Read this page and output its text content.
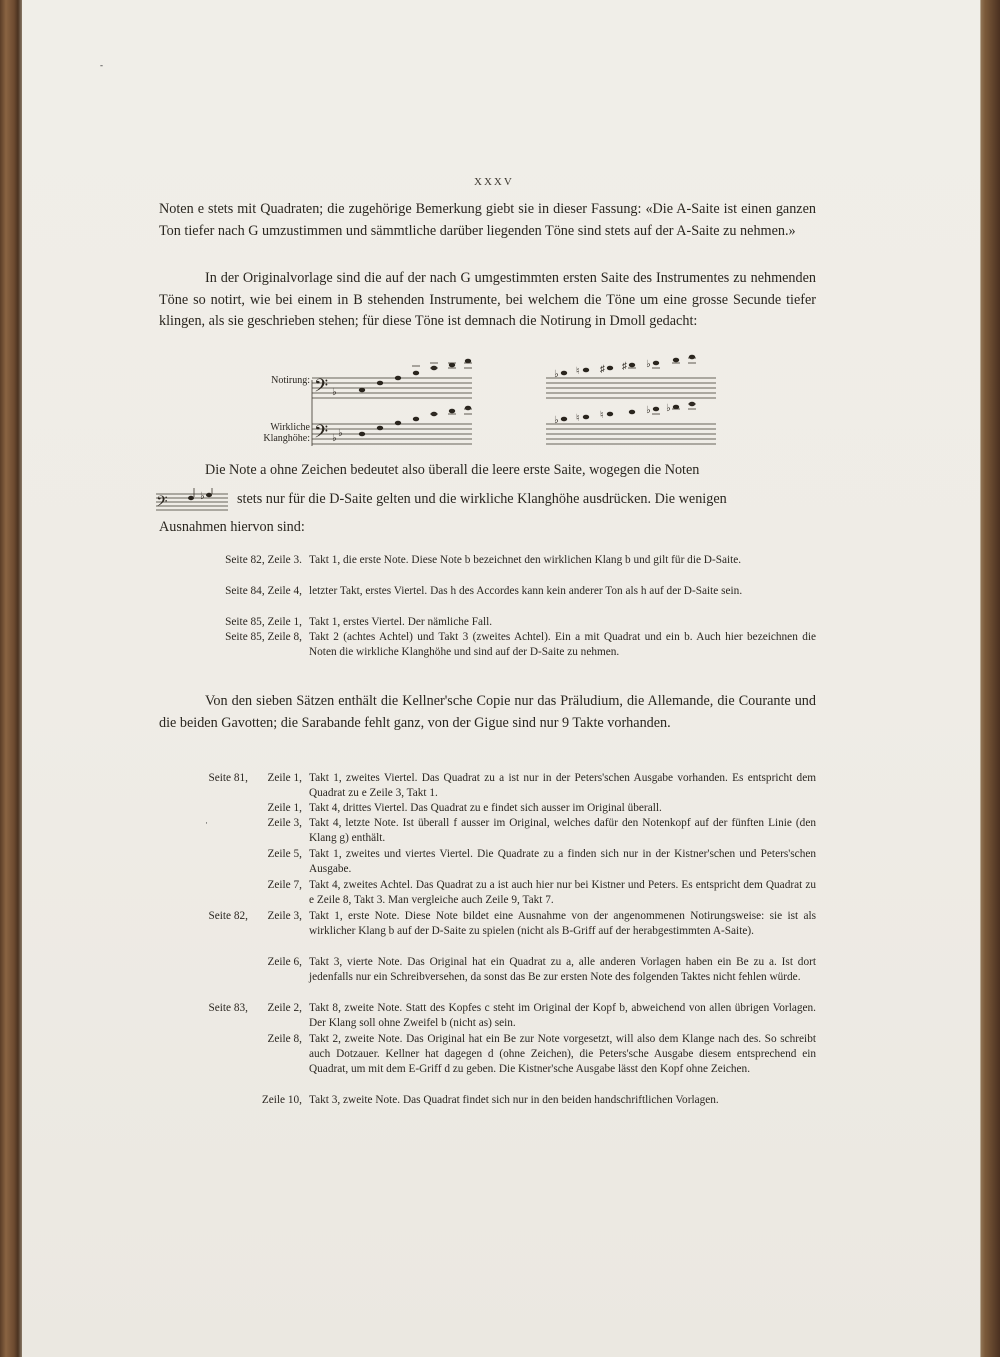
XXXV
Noten e stets mit Quadraten; die zugehörige Bemerkung giebt sie in dieser Fassung: «Die A-Saite ist einen ganzen Ton tiefer nach G umzustimmen und sämmtliche darüber liegenden Töne sind stets auf der A-Saite zu nehmen.»
In der Originalvorlage sind die auf der nach G umgestimmten ersten Saite des Instrumentes zu nehmenden Töne so notirt, wie bei einem in B stehenden Instrumente, bei welchem die Töne um eine grosse Secunde tiefer klingen, als sie geschrieben stehen; für diese Töne ist demnach die Notirung in Dmoll gedacht:
Notirung:
Wirkliche
Klanghöhe:
𝄢
𝄢
♭
♭ ♭
♭ ♮ ♯ ♯ ♭
♭ ♮ ♮	♭ ♭
Die Note a ohne Zeichen bedeutet also überall die leere erste Saite, wogegen die Noten
𝄢	♭ stets nur für die D-Saite gelten und die wirkliche Klanghöhe ausdrücken. Die wenigen
Ausnahmen hiervon sind:
Seite 82, Zeile 3. Takt 1, die erste Note. Diese Note b bezeichnet den wirklichen Klang b und gilt für die D-Saite.
Seite 84, Zeile 4, letzter Takt, erstes Viertel. Das h des Accordes kann kein anderer Ton als h auf der D-Saite sein.
Seite 85, Zeile 1, Takt 1, erstes Viertel. Der nämliche Fall.
Seite 85, Zeile 8, Takt 2 (achtes Achtel) und Takt 3 (zweites Achtel). Ein a mit Quadrat und ein b. Auch hier bezeichnen die Noten die wirkliche Klanghöhe und sind auf der D-Saite zu nehmen.
Von den sieben Sätzen enthält die Kellner'sche Copie nur das Präludium, die Allemande, die Courante und die beiden Gavotten; die Sarabande fehlt ganz, von der Gigue sind nur 9 Takte vorhanden.
Seite 81,	Zeile 1, Takt 1, zweites Viertel. Das Quadrat zu a ist nur in der Peters'schen Ausgabe vorhanden. Es entspricht dem Quadrat zu e Zeile 3, Takt 1.
Zeile 1, Takt 4, drittes Viertel. Das Quadrat zu e findet sich ausser im Original überall.
Zeile 3, Takt 4, letzte Note. Ist überall f ausser im Original, welches dafür den Notenkopf auf der fünften Linie (den Klang g) enthält.
Zeile 5, Takt 1, zweites und viertes Viertel. Die Quadrate zu a finden sich nur in der Kistner'schen und Peters'schen Ausgabe.
Zeile 7, Takt 4, zweites Achtel. Das Quadrat zu a ist auch hier nur bei Kistner und Peters. Es entspricht dem Quadrat zu e Zeile 8, Takt 3. Man vergleiche auch Zeile 9, Takt 7.
Seite 82,	Zeile 3, Takt 1, erste Note. Diese Note bildet eine Ausnahme von der angenommenen Notirungsweise: sie ist als wirklicher Klang b auf der D-Saite zu spielen (nicht als B-Griff auf der herabgestimmten A-Saite).
Zeile 6, Takt 3, vierte Note. Das Original hat ein Quadrat zu a, alle anderen Vorlagen haben ein Be zu a. Ist dort jedenfalls nur ein Schreibversehen, da sonst das Be zur ersten Note des folgenden Taktes nicht fehlen würde.
Seite 83,	Zeile 2, Takt 8, zweite Note. Statt des Kopfes c steht im Original der Kopf b, abweichend von allen übrigen Vorlagen. Der Klang soll ohne Zweifel b (nicht as) sein.
Zeile 8, Takt 2, zweite Note. Das Original hat ein Be zur Note vorgesetzt, will also dem Klange nach des. So schreibt auch Dotzauer. Kellner hat dagegen d (ohne Zeichen), die Peters'sche Ausgabe diesem entsprechend ein Quadrat, um mit dem E-Griff d zu geben. Die Kistner'sche Ausgabe lässt den Kopf ohne Zeichen.
Zeile 10, Takt 3, zweite Note. Das Quadrat findet sich nur in den beiden handschriftlichen Vorlagen.
-
·
